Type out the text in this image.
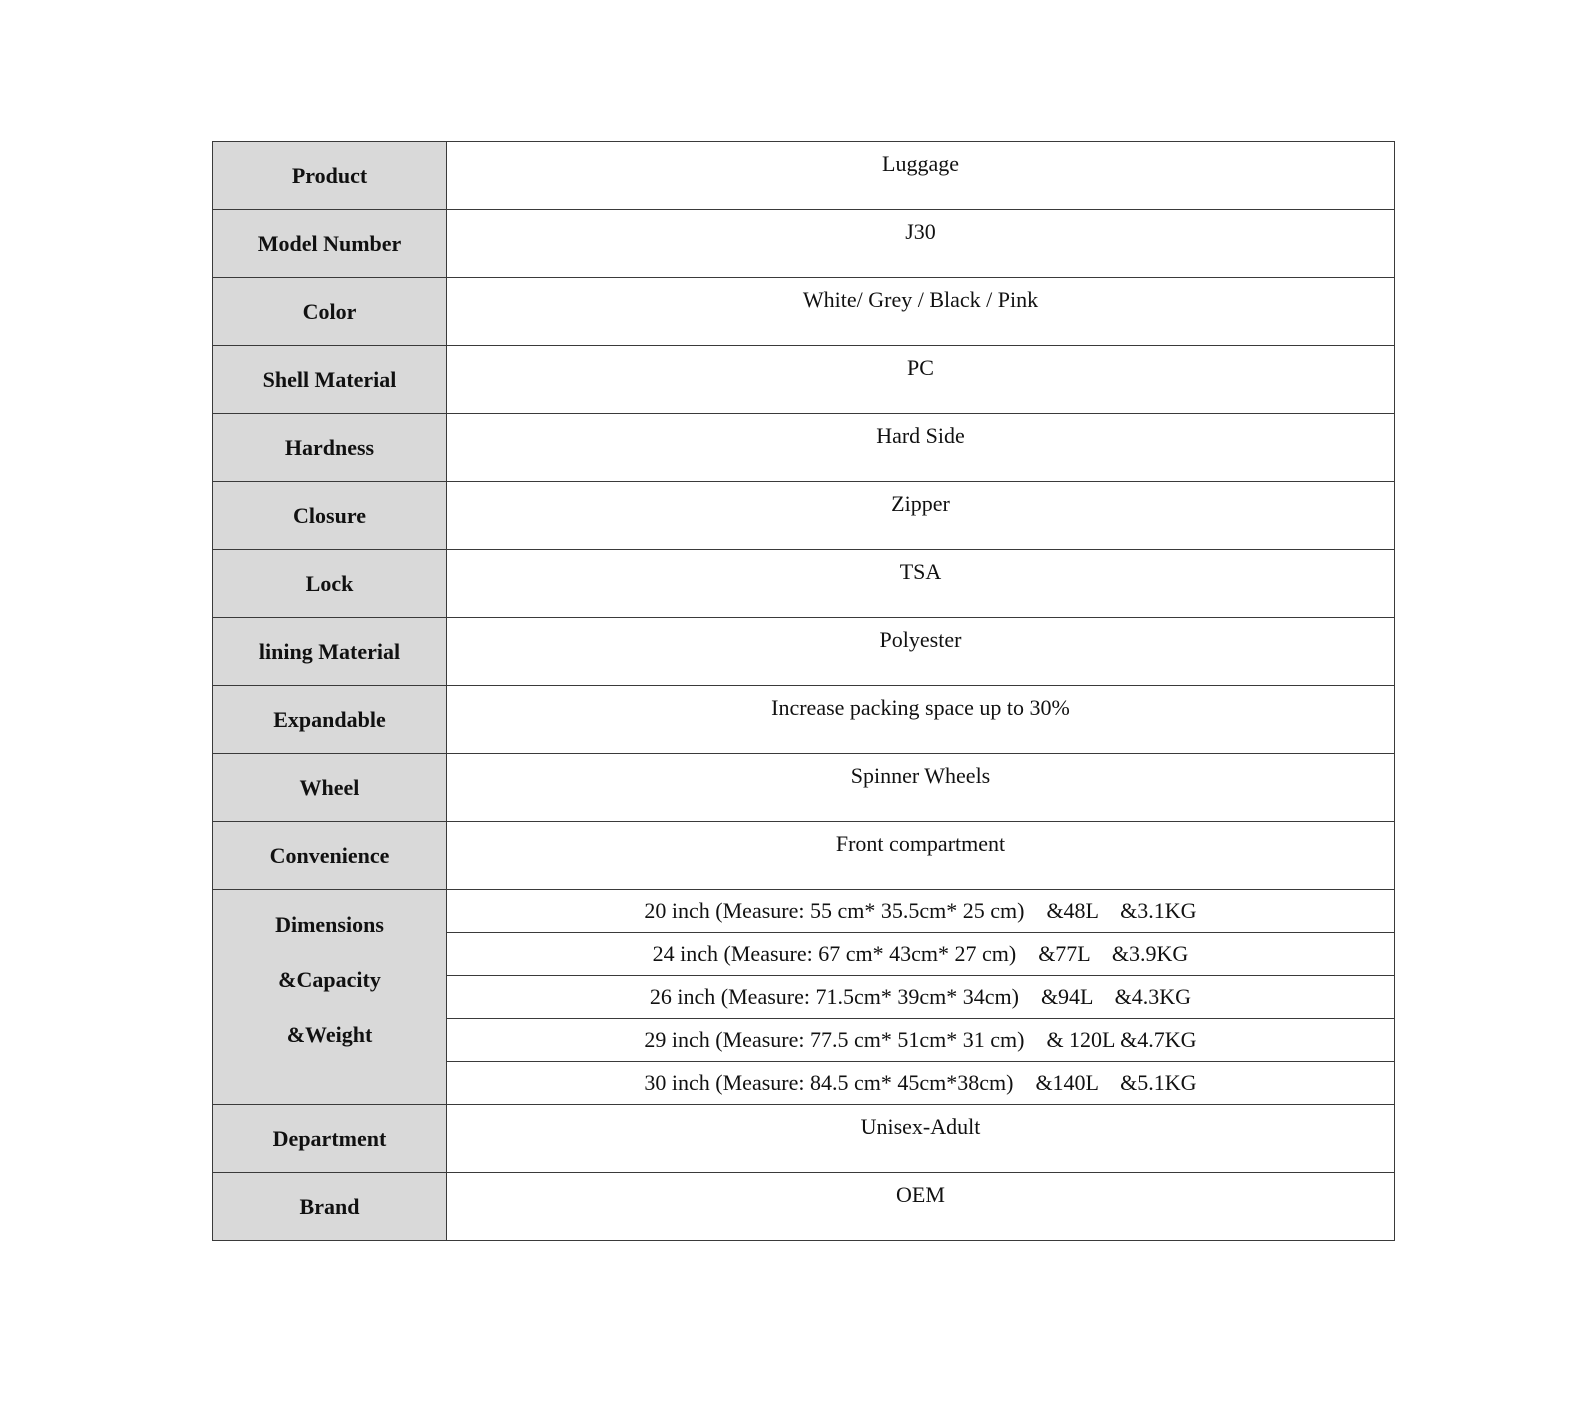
Product	Luggage
Model Number	J30
Color	White/ Grey / Black / Pink
Shell Material	PC
Hardness	Hard Side
Closure	Zipper
Lock	TSA
lining Material	Polyester
Expandable	Increase packing space up to 30%
Wheel	Spinner Wheels
Convenience	Front compartment

Dimensions
&Capacity
&Weight	20 inch (Measure: 55 cm* 35.5cm* 25 cm) &48L &3.1KG
	24 inch (Measure: 67 cm* 43cm* 27 cm) &77L &3.9KG
	26 inch (Measure: 71.5cm* 39cm* 34cm) &94L &4.3KG
	29 inch (Measure: 77.5 cm* 51cm* 31 cm) & 120L &4.7KG
	30 inch (Measure: 84.5 cm* 45cm*38cm) &140L &5.1KG
Department	Unisex-Adult
Brand	OEM
